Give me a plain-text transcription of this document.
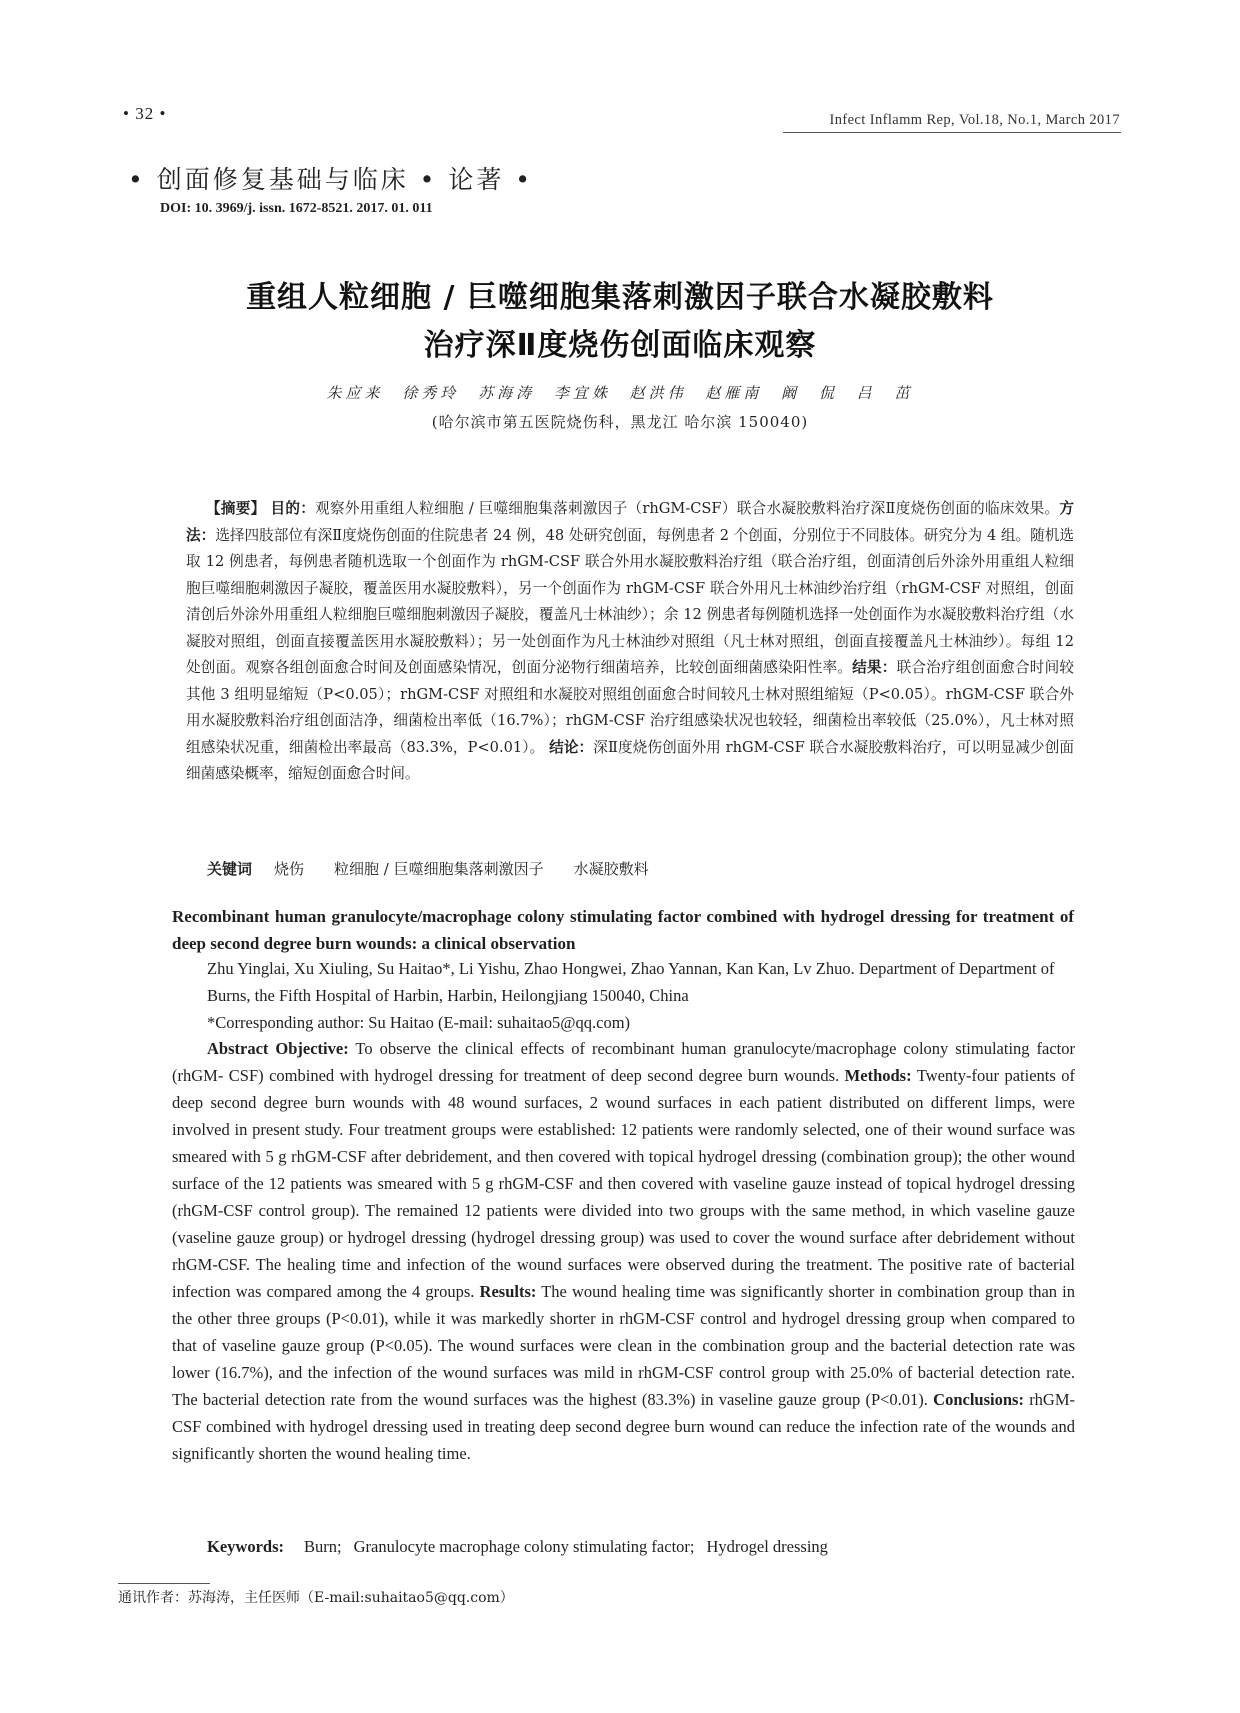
• 32 •	Infect Inflamm Rep, Vol.18, No.1, March 2017
• 创面修复基础与临床 • 论著 •
DOI: 10. 3969/j. issn. 1672-8521. 2017. 01. 011
重组人粒细胞 / 巨噬细胞集落刺激因子联合水凝胶敷料
治疗深Ⅱ度烧伤创面临床观察
朱应来 徐秀玲 苏海涛 李宜姝 赵洪伟 赵雁南 阚 侃 吕 茁
(哈尔滨市第五医院烧伤科，黑龙江 哈尔滨 150040)

【摘要】 目的：观察外用重组人粒细胞 / 巨噬细胞集落刺激因子（rhGM-CSF）联合水凝胶敷料治疗深Ⅱ度烧伤创面的临床效果。方法：选择四肢部位有深Ⅱ度烧伤创面的住院患者 24 例，48 处研究创面，每例患者 2 个创面，分别位于不同肢体。研究分为 4 组。随机选取 12 例患者，每例患者随机选取一个创面作为 rhGM-CSF 联合外用水凝胶敷料治疗组（联合治疗组，创面清创后外涂外用重组人粒细胞巨噬细胞刺激因子凝胶，覆盖医用水凝胶敷料），另一个创面作为 rhGM-CSF 联合外用凡士林油纱治疗组（rhGM-CSF 对照组，创面清创后外涂外用重组人粒细胞巨噬细胞刺激因子凝胶，覆盖凡士林油纱）；余 12 例患者每例随机选择一处创面作为水凝胶敷料治疗组（水凝胶对照组，创面直接覆盖医用水凝胶敷料）；另一处创面作为凡士林油纱对照组（凡士林对照组，创面直接覆盖凡士林油纱）。每组 12 处创面。观察各组创面愈合时间及创面感染情况，创面分泌物行细菌培养，比较创面细菌感染阳性率。结果：联合治疗组创面愈合时间较其他 3 组明显缩短（P<0.05）；rhGM-CSF 对照组和水凝胶对照组创面愈合时间较凡士林对照组缩短（P<0.05）。rhGM-CSF 联合外用水凝胶敷料治疗组创面洁净，细菌检出率低（16.7%）；rhGM-CSF 治疗组感染状况也较轻，细菌检出率较低（25.0%），凡士林对照组感染状况重，细菌检出率最高（83.3%，P<0.01）。 结论：深Ⅱ度烧伤创面外用 rhGM-CSF 联合水凝胶敷料治疗，可以明显减少创面细菌感染概率，缩短创面愈合时间。

关键词 烧伤 粒细胞 / 巨噬细胞集落刺激因子 水凝胶敷料
Recombinant human granulocyte/macrophage colony stimulating factor combined with hydrogel dressing for treatment of deep second degree burn wounds: a clinical observation
Zhu Yinglai, Xu Xiuling, Su Haitao*, Li Yishu, Zhao Hongwei, Zhao Yannan, Kan Kan, Lv Zhuo. Department of Department of Burns, the Fifth Hospital of Harbin, Harbin, Heilongjiang 150040, China
*Corresponding author: Su Haitao (E-mail: suhaitao5@qq.com)

Abstract Objective: To observe the clinical effects of recombinant human granulocyte/macrophage colony stimulating factor (rhGM- CSF) combined with hydrogel dressing for treatment of deep second degree burn wounds. Methods: Twenty-four patients of deep second degree burn wounds with 48 wound surfaces, 2 wound surfaces in each patient distributed on different limps, were involved in present study. Four treatment groups were established: 12 patients were randomly selected, one of their wound surface was smeared with 5 g rhGM-CSF after debridement, and then covered with topical hydrogel dressing (combination group); the other wound surface of the 12 patients was smeared with 5 g rhGM-CSF and then covered with vaseline gauze instead of topical hydrogel dressing (rhGM-CSF control group). The remained 12 patients were divided into two groups with the same method, in which vaseline gauze (vaseline gauze group) or hydrogel dressing (hydrogel dressing group) was used to cover the wound surface after debridement without rhGM-CSF. The healing time and infection of the wound surfaces were observed during the treatment. The positive rate of bacterial infection was compared among the 4 groups. Results: The wound healing time was significantly shorter in combination group than in the other three groups (P<0.01), while it was markedly shorter in rhGM-CSF control and hydrogel dressing group when compared to that of vaseline gauze group (P<0.05). The wound surfaces were clean in the combination group and the bacterial detection rate was lower (16.7%), and the infection of the wound surfaces was mild in rhGM-CSF control group with 25.0% of bacterial detection rate. The bacterial detection rate from the wound surfaces was the highest (83.3%) in vaseline gauze group (P<0.01). Conclusions: rhGM-CSF combined with hydrogel dressing used in treating deep second degree burn wound can reduce the infection rate of the wounds and significantly shorten the wound healing time.

Keywords: Burn; Granulocyte macrophage colony stimulating factor; Hydrogel dressing
通讯作者：苏海涛，主任医师（E-mail:suhaitao5@qq.com）
